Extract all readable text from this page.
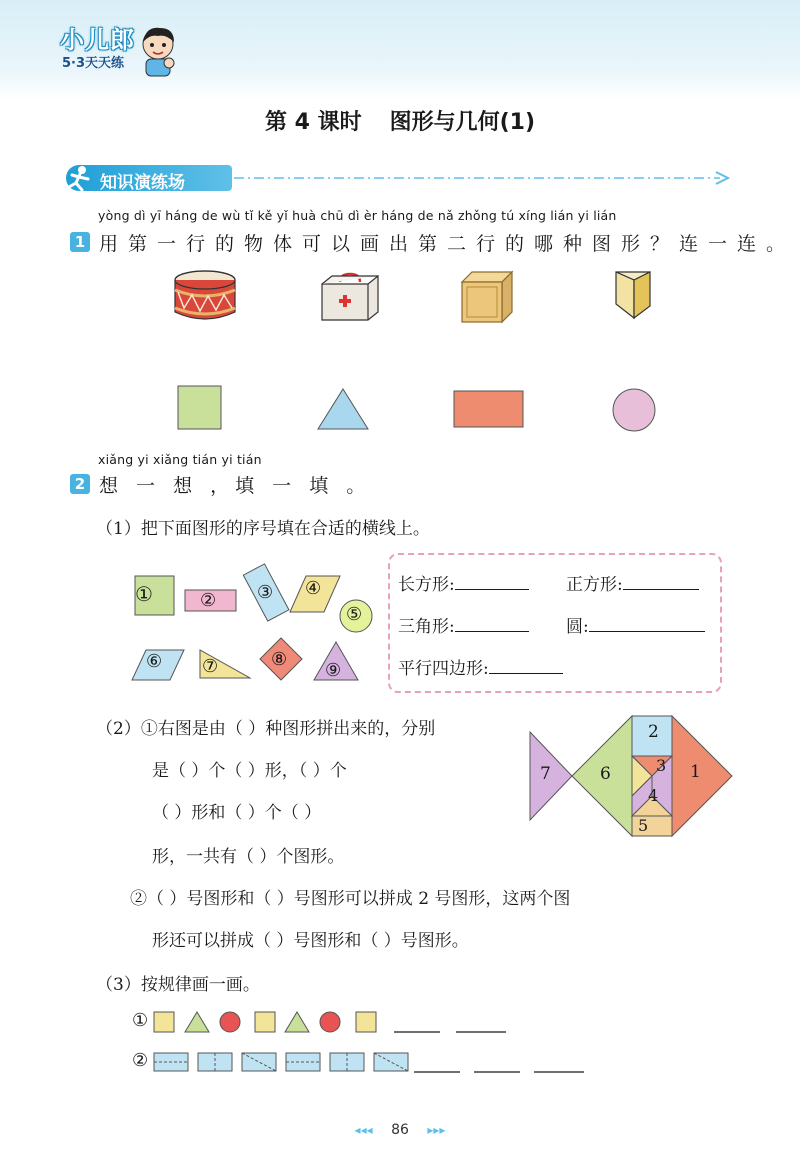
小儿郎
5·3天天练
第 4 课时 图形与几何(1)
知识演练场
yòng dì yī háng de wù tǐ kě yǐ huà chū dì èr háng de nǎ zhǒng tú xíng lián yi lián
1 用第一行的物体可以画出第二行的哪种图形？连一连。
xiǎng yi xiǎng tián yi tián
2 想 一 想 ，填 一 填 。
（1）把下面图形的序号填在合适的横线上。
①	② ③ ④
⑤
⑥ ⑦	⑧
⑨
长方形:	正方形:
三角形:	圆:
平行四边形:
（2）①右图是由（ ）种图形拼出来的，分别
是（ ）个（ ）形，（ ）个
（ ）形和（ ）个（ ）
形，一共有（ ）个图形。
②（ ）号图形和（ ）号图形可以拼成 2 号图形，这两个图
形还可以拼成（ ）号图形和（ ）号图形。
1
2
3
4
5
6
7
（3）按规律画一画。
①
②
◂◂◂ 86 ▸▸▸
